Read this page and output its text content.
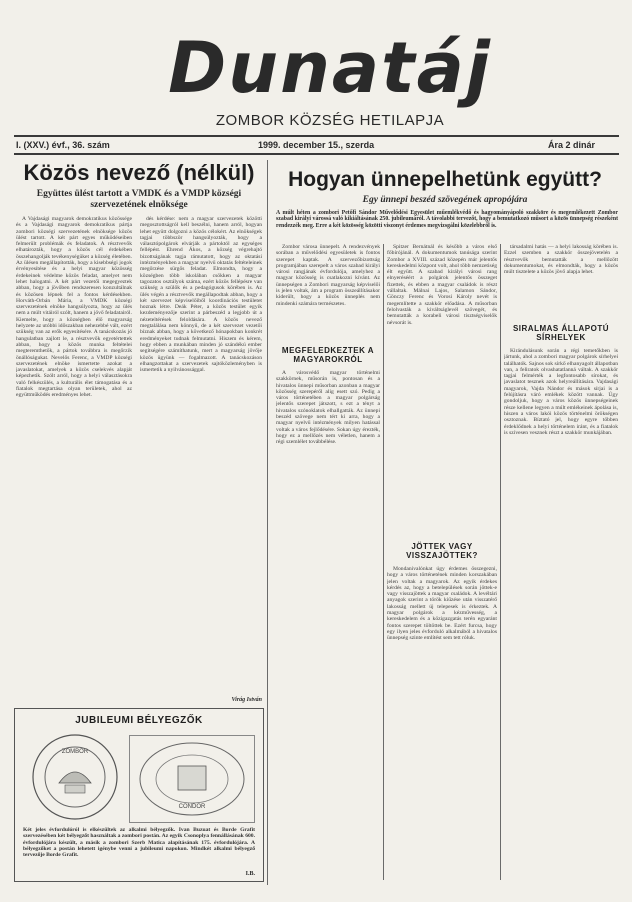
Dunatáj
ZOMBOR KÖZSÉG HETILAPJA
I. (XXV.) évf., 36. szám	1999. december 15., szerda	Ára 2 dinár
Közös nevező (nélkül)
Együttes ülést tartott a VMDK és a VMDP községi szervezetének elnöksége

A Vajdasági magyarok demokratikus közössége és a Vajdasági magyarok demokratikus pártja zombori községi szervezetének elnöksége közös ülést tartott. A két párt egyes működéseiben felmerült problémák és feladatok. A résztvevők elhatározták, hogy a közös cél érdekében összehangolják tevékenységüket a község életében. Az ülésen megállapították, hogy a kisebbségi jogok érvényesítése és a helyi magyar közösség érdekeinek védelme közös feladat, amelyet nem lehet halogatni. A két párt vezetői megegyeztek abban, hogy a jövőben rendszeresen konzultálnak és közösen lépnek fel a fontos kérdésekben. Horváth-Orbán Mária, a VMDK községi szervezetének elnöke hangsúlyozta, hogy az ülés nem a múlt vitáiról szólt, hanem a jövő feladatairól. Kiemelte, hogy a községben élő magyarság helyzete az utóbbi időszakban nehezebbé vált, ezért szükség van az erők egyesítésére. A tanácskozás jó hangulatban zajlott le, a résztvevők egyetértettek abban, hogy a közös munka feltételei megteremthetők, a pártok továbbra is megőrzik önállóságukat. Nevelős Ferenc, a VMDP községi szervezetének elnöke ismertette azokat a javaslatokat, amelyek a közös cselekvés alapját képezhetik. Szólt arról, hogy a helyi választásokra való felkészülés, a kulturális élet támogatása és a fiatalok megtartása olyan területek, ahol az együttműködés eredményes lehet.

dés kérdése: nem a magyar szervezetek közötti megosztottságról kell beszélni, hanem arról, hogyan lehet együtt dolgozni a közös célokért. Az elnökségek tagjai többször hangsúlyozták, hogy a választópolgárok elvárják a pártoktól az egységes fellépést. Ehrend Ákos, a község végrehajtó bizottságának tagja rámutatott, hogy az oktatási intézményekben a magyar nyelvű oktatás feltételeinek megőrzése sürgős feladat. Elmondta, hogy a községben több iskolában csökken a magyar tagozatos osztályok száma, ezért közös fellépésre van szükség a szülők és a pedagógusok körében is. Az ülés végén a résztvevők megállapodtak abban, hogy a két szervezet képviselőiből koordinációs testületet hoznak létre. Deák Péter, a közös testület egyik kezdeményezője szerint a párbeszéd a legjobb út a nézeteltérések feloldására. A közös nevező megtalálása nem könnyű, de a két szervezet vezetői bíznak abban, hogy a következő hónapokban konkrét eredményeket tudnak felmutatni. Hiszem és kérem, hogy ebben a munkában minden jó szándékú ember segítségére számíthatunk, mert a magyarság jövője közös ügyünk — fogalmazott. A tanácskozáson elhangzottakat a szervezetek sajtóközleményben is ismertetik a nyilvánossággal.

Virág István
JUBILEUMI BÉLYEGZŐK
ZOMBOR
CONDOR
Két jeles évfordulóról is elkészültek az alkalmi bélyegzők. Ivan Buzuat és Borde Grafit szervezésében két bélyegzőt használtak a zombori postán. Az egyik Csonoplya fennállásának 600. évfordulójára készült, a másik a zombori Szerb Matica alapításának 175. évfordulójára. A bélyegzőket a postán lehetett igénybe venni a jubileumi napokon. Mindkét alkalmi bélyegző tervezője Borde Grafit.
I.B.
Hogyan ünnepelhetünk együtt?
Egy ünnepi beszéd szövegének apropójára
A múlt héten a zombori Petőfi Sándor Művelődési Egyesület műemlékvédő és hagyományápoló szakköre és megemlékezett Zombor szabad királyi várossá való kikiáltásának 250. jubileumáról. A távolabbi tervezőt, hogy a bemutatkozó műsort a közös ünnepség részeként rendezzék meg. Erre a két közösség közötti viszonyt érdemes megvizsgálni közelebbről is.

Zombor városa ünnepelt. A rendezvények sorában a művelődési egyesületek is fontos szerepet kaptak. A szervezőbizottság programjában szerepelt a város szabad királyi városi rangjának évfordulója, amelyhez a magyar közösség is csatlakozni kívánt. Az ünnepségen a Zombori magyarság képviselői is jelen voltak, ám a program összeállításakor kiderült, hogy a közös ünneplés nem mindenki számára természetes.

MEGFELEDKEZTEK A MAGYAROKRÓL

A városvédő magyar történelmi szakkörnek, műsorán is, pontosan és a hivatalos ünnepi műsorban azonban a magyar közösség szerepéről alig esett szó. Pedig a város történetében a magyar polgárság jelentős szerepet játszott, s ezt a tényt a hivatalos szónoklatok elhallgatták. Az ünnepi beszéd szövege nem tért ki arra, hogy a magyar nyelvű intézmények milyen hatással voltak a város fejlődésére. Sokan úgy érezték, hogy ez a mellőzés nem véletlen, hanem a régi szemlélet továbbélése.

Spitzer Bernátnál és később a város első főbírójánál. A dokumentumok tanúsága szerint Zombor a XVIII. század közepén már jelentős kereskedelmi központ volt, ahol több nemzetiség élt együtt. A szabad királyi városi rang elnyeréséért a polgárok jelentős összeget fizettek, és ebben a magyar családok is részt vállaltak. Málnai Lajos, Salamon Sándor, Gönczy Ferenc és Vorosi Károly nevét is megemlítette a szakkör előadása. A műsorban felolvasták a kiváltságlevél szövegét, és bemutatták a korabeli városi tisztségviselők névsorát is.

JÖTTEK VAGY VISSZAJÖTTEK?

Mondanivalónkat úgy érdemes összegezni, hogy a város történetének minden korszakában jelen voltak a magyarok. Az egyik érdekes kérdés az, hogy a betelepülések során jöttek-e vagy visszajöttek a magyar családok. A levéltári anyagok szerint a török kiűzése után visszatérő lakosság mellett új telepesek is érkeztek. A magyar polgárok a kézművesség, a kereskedelem és a közigazgatás terén egyaránt fontos szerepet töltöttek be. Ezért furcsa, hogy egy ilyen jeles évforduló alkalmából a hivatalos ünnepség szinte említést sem tett róluk.

társadalmi hatás — a helyi lakosság körében is. Ezzel szemben a szakkör összejövetelén a résztvevők bemutatták a mellőzött dokumentumokat, és elmondták, hogy a közös múlt tisztelete a közös jövő alapja lehet.

SIRALMAS ÁLLAPOTÚ SÍRHELYEK

Kirándulásunk során a régi temetőkben is jártunk, ahol a zombori magyar polgárok sírhelyei találhatók. Sajnos sok sírkő elhanyagolt állapotban van, a feliratok olvashatatlanná váltak. A szakkör tagjai felmérték a legfontosabb sírokat, és javaslatot tesznek azok helyreállítására. Vajdasági magyarok, Vajda Nándor és mások sírjai is a felújításra váró emlékek között vannak. Úgy gondoljuk, hogy a város közös ünnepségeinek része kellene legyen a múlt emlékeinek ápolása is, hiszen a város lakói közös történelmi örökségen osztoznak. Bíztató jel, hogy egyre többen érdeklődnek a helyi történelem iránt, és a fiatalok is szívesen vesznek részt a szakkör munkájában.
